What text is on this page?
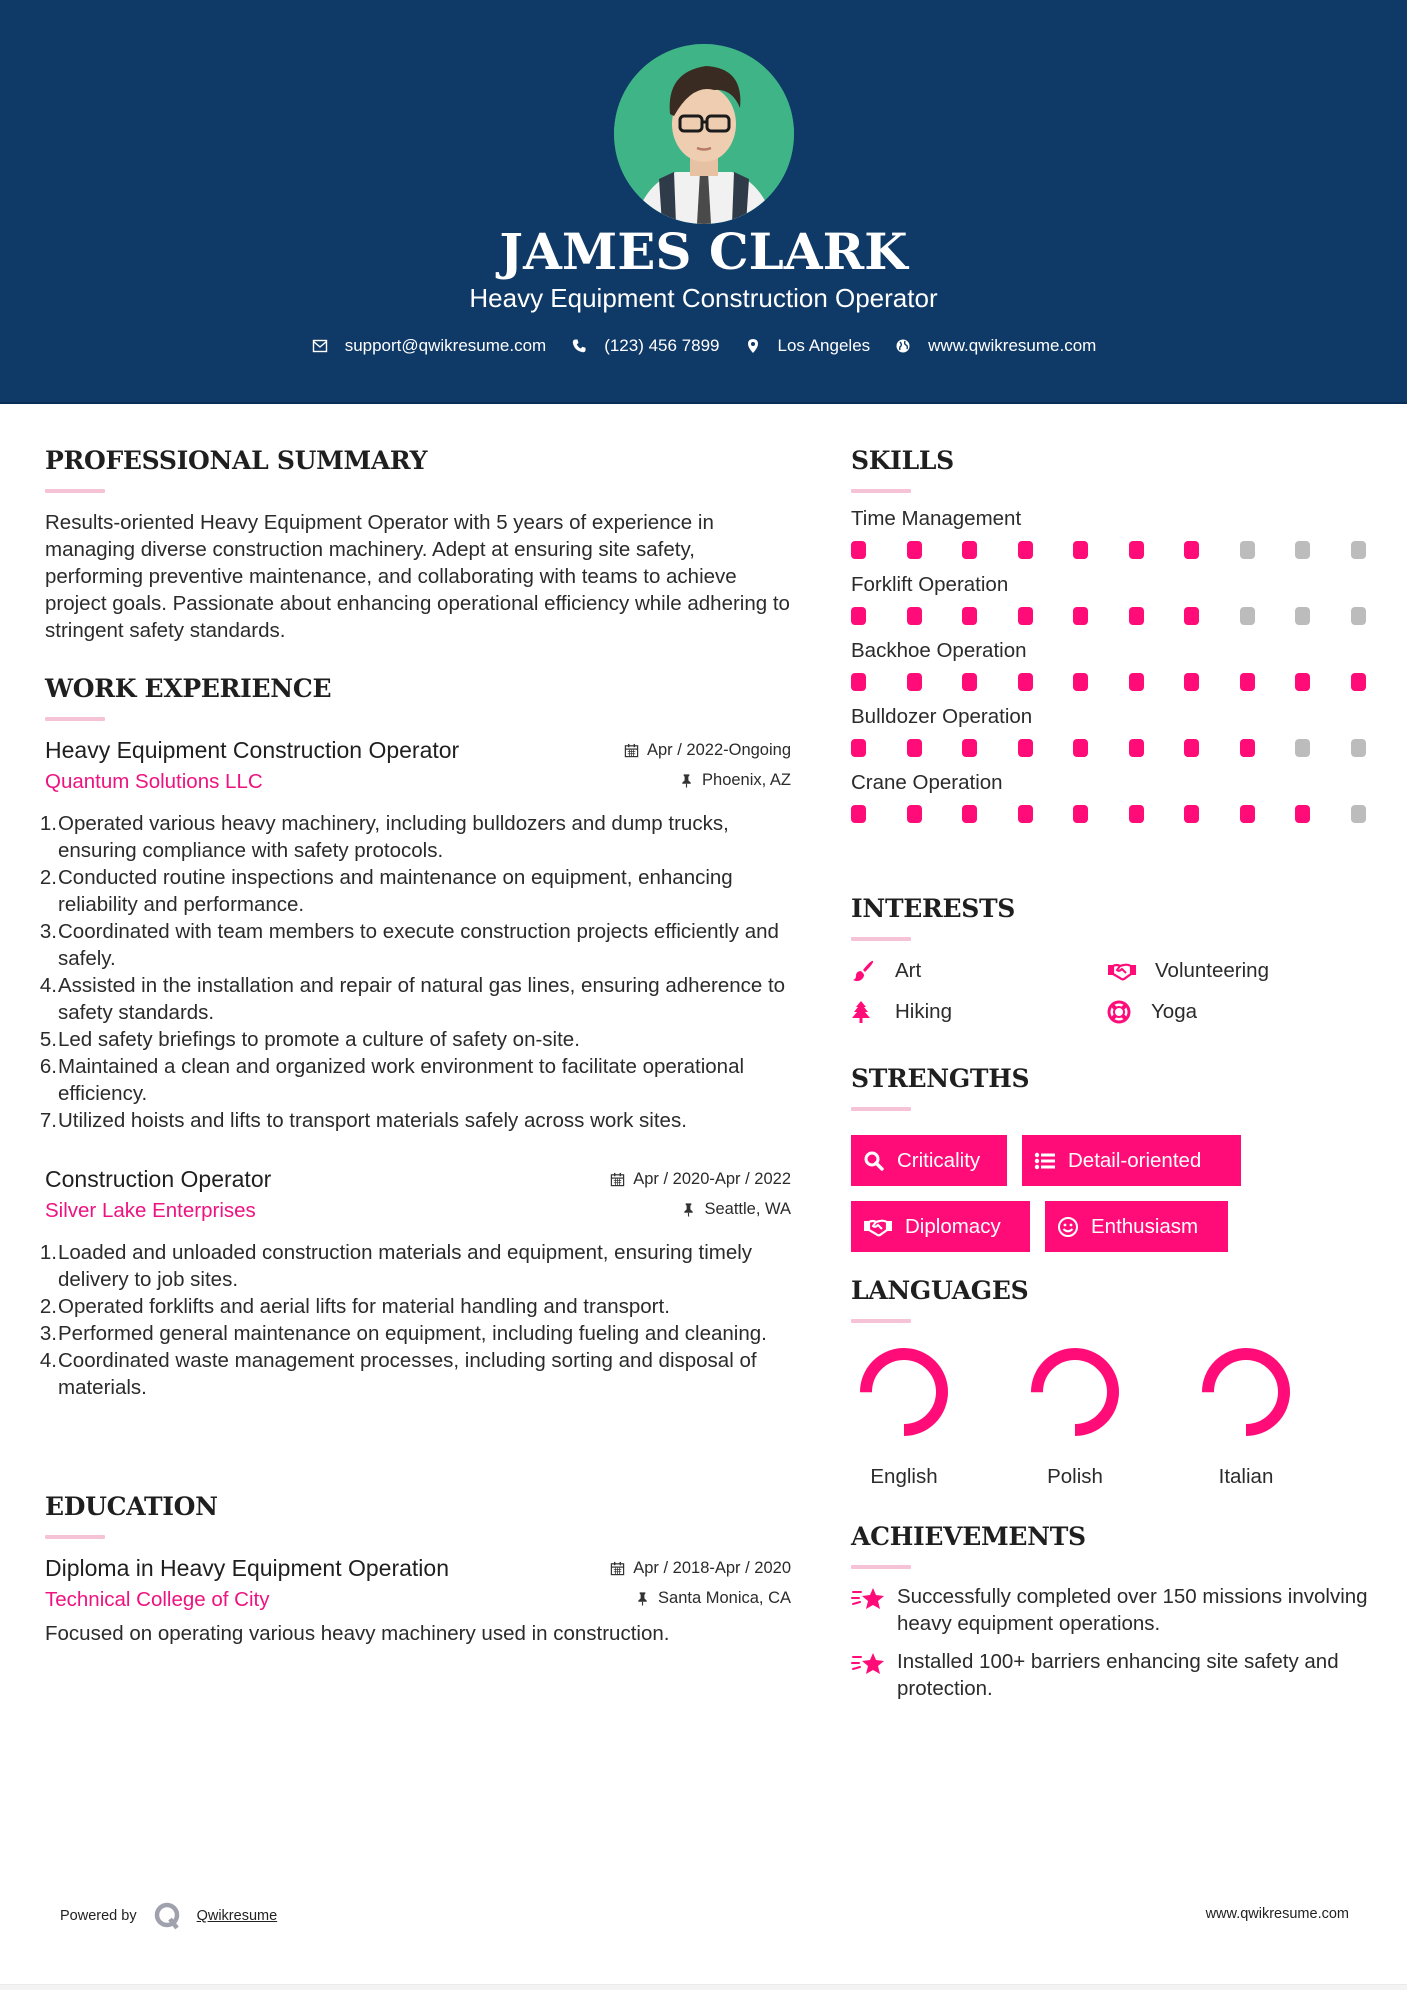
JAMES CLARK
Heavy Equipment Construction Operator
support@qwikresume.com	(123) 456 7899	Los Angeles	www.qwikresume.com
PROFESSIONAL SUMMARY

Results-oriented Heavy Equipment Operator with 5 years of experience in managing diverse construction machinery. Adept at ensuring site safety, performing preventive maintenance, and collaborating with teams to achieve project goals. Passionate about enhancing operational efficiency while adhering to stringent safety standards.

WORK EXPERIENCE
Heavy Equipment Construction Operator	Apr / 2022-Ongoing
Quantum Solutions LLC	Phoenix, AZ
1. Operated various heavy machinery, including bulldozers and dump trucks, ensuring compliance with safety protocols.
2. Conducted routine inspections and maintenance on equipment, enhancing reliability and performance.
3. Coordinated with team members to execute construction projects efficiently and safely.
4. Assisted in the installation and repair of natural gas lines, ensuring adherence to safety standards.
5. Led safety briefings to promote a culture of safety on-site.
6. Maintained a clean and organized work environment to facilitate operational efficiency.
7. Utilized hoists and lifts to transport materials safely across work sites.
Construction Operator	Apr / 2020-Apr / 2022
Silver Lake Enterprises	Seattle, WA
1. Loaded and unloaded construction materials and equipment, ensuring timely delivery to job sites.
2. Operated forklifts and aerial lifts for material handling and transport.
3. Performed general maintenance on equipment, including fueling and cleaning.
4. Coordinated waste management processes, including sorting and disposal of materials.
EDUCATION
Diploma in Heavy Equipment Operation	Apr / 2018-Apr / 2020
Technical College of City	Santa Monica, CA

Focused on operating various heavy machinery used in construction.

SKILLS
Time Management
Forklift Operation
Backhoe Operation
Bulldozer Operation
Crane Operation
INTERESTS
Art	Volunteering
Hiking	Yoga
STRENGTHS
Criticality	Detail-oriented
Diplomacy	Enthusiasm
LANGUAGES
English	Polish	Italian
ACHIEVEMENTS
Successfully completed over 150 missions involving heavy equipment operations.
Installed 100+ barriers enhancing site safety and protection.
Powered by	Qwikresume	www.qwikresume.com
